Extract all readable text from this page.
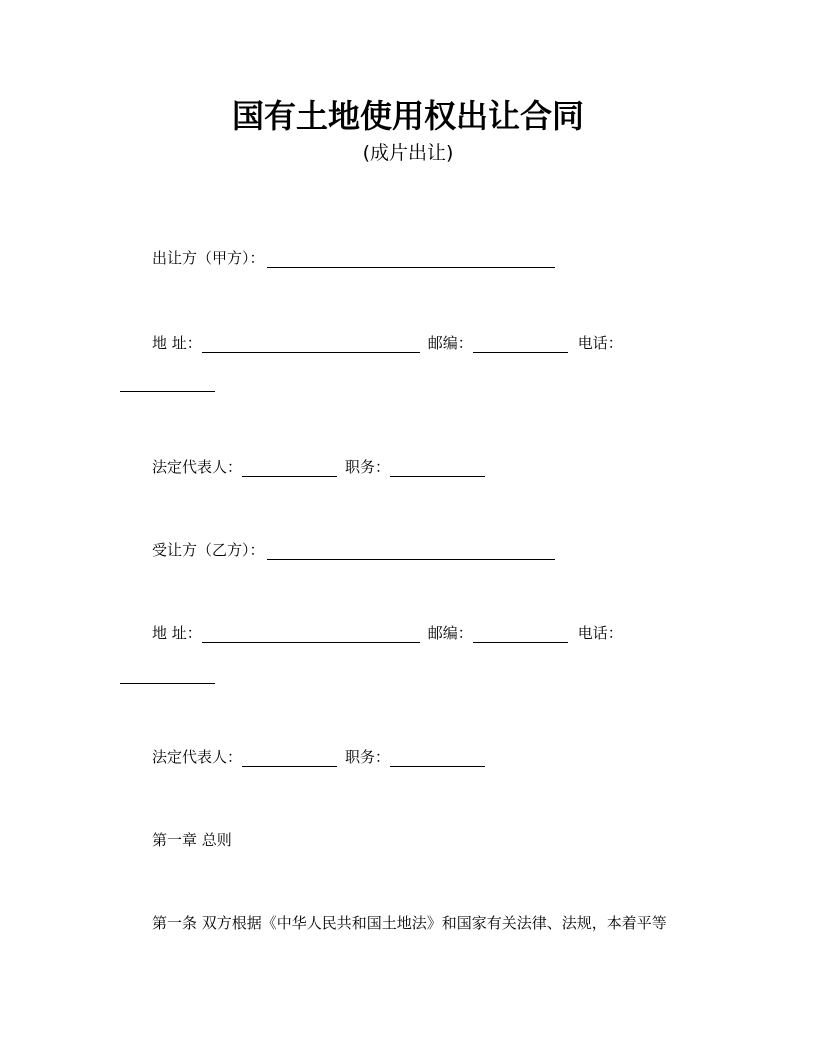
国有土地使用权出让合同
(成片出让)
出让方（甲方）：
地 址：	邮编：	电话：
法定代表人：	职务：
受让方（乙方）：
地 址：	邮编：	电话：
法定代表人：	职务：
第一章 总则
第一条 双方根据《中华人民共和国土地法》和国家有关法律、法规，本着平等
